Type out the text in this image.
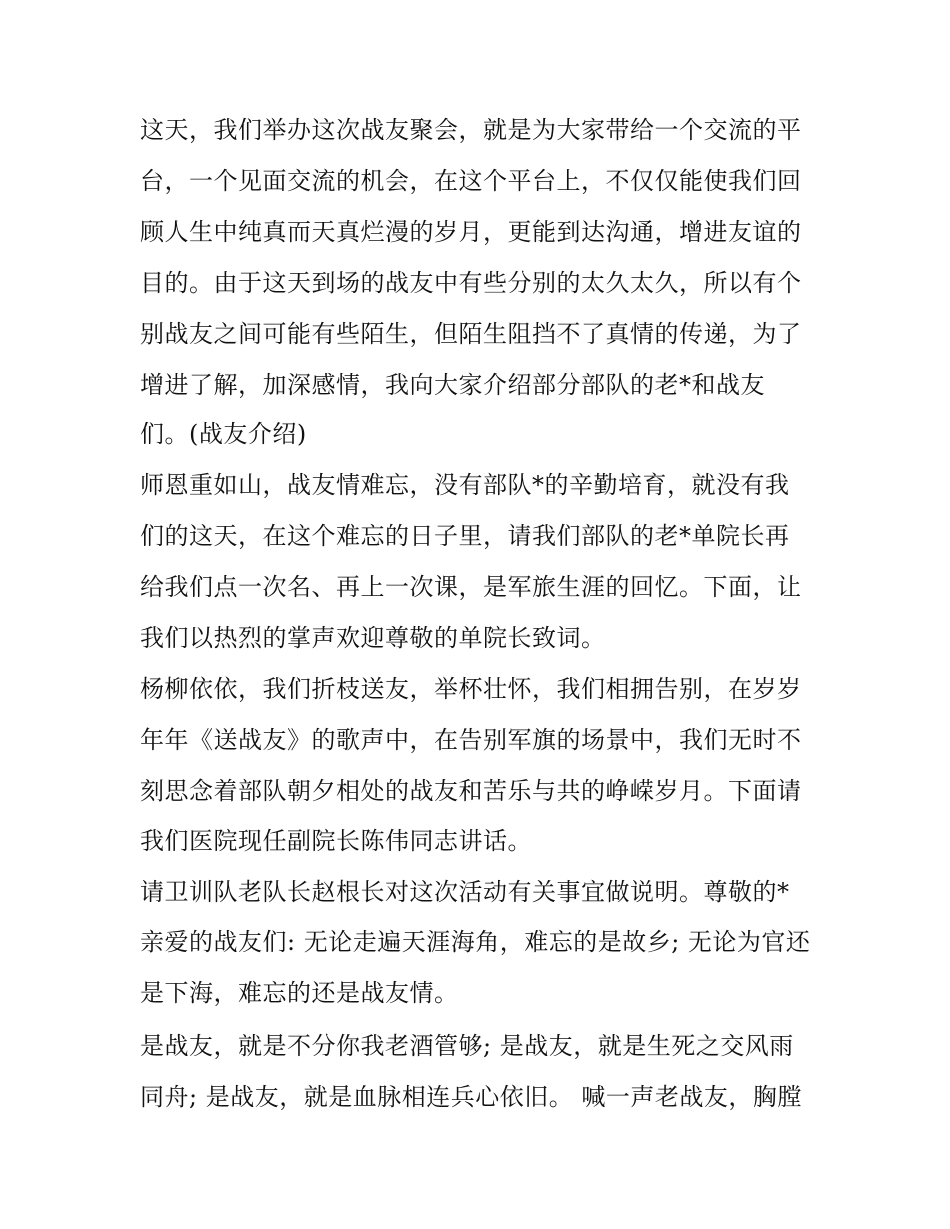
这天，我们举办这次战友聚会，就是为大家带给一个交流的平
台，一个见面交流的机会，在这个平台上，不仅仅能使我们回
顾人生中纯真而天真烂漫的岁月，更能到达沟通，增进友谊的
目的。由于这天到场的战友中有些分别的太久太久，所以有个
别战友之间可能有些陌生，但陌生阻挡不了真情的传递，为了
增进了解，加深感情，我向大家介绍部分部队的老*和战友
们。(战友介绍)
师恩重如山，战友情难忘，没有部队*的辛勤培育，就没有我
们的这天，在这个难忘的日子里，请我们部队的老*单院长再
给我们点一次名、再上一次课，是军旅生涯的回忆。下面，让
我们以热烈的掌声欢迎尊敬的单院长致词。
杨柳依依，我们折枝送友，举杯壮怀，我们相拥告别，在岁岁
年年《送战友》的歌声中，在告别军旗的场景中，我们无时不
刻思念着部队朝夕相处的战友和苦乐与共的峥嵘岁月。下面请
我们医院现任副院长陈伟同志讲话。
请卫训队老队长赵根长对这次活动有关事宜做说明。尊敬的*
亲爱的战友们: 无论走遍天涯海角，难忘的是故乡; 无论为官还
是下海，难忘的还是战友情。
是战友，就是不分你我老酒管够; 是战友，就是生死之交风雨
同舟; 是战友，就是血脉相连兵心依旧。 喊一声老战友，胸膛
